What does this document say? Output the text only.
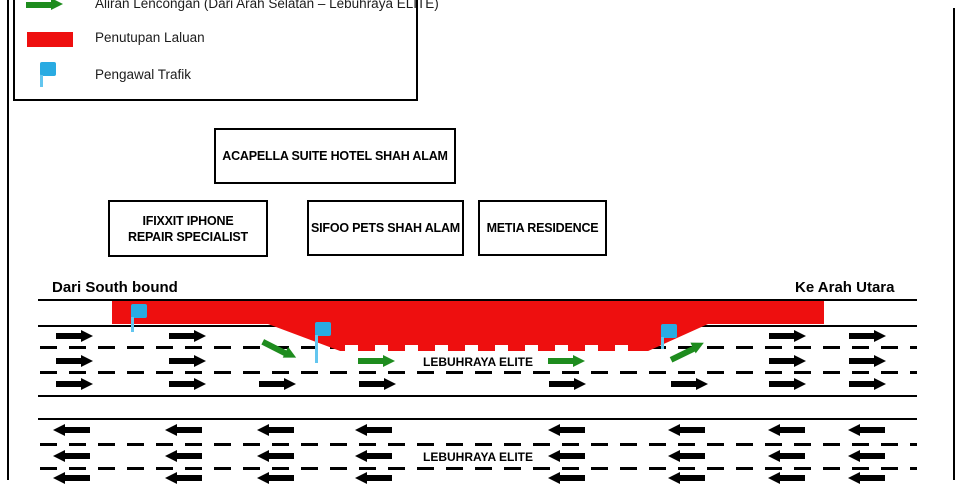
Aliran Lencongan (Dari Arah Selatan – Lebuhraya ELITE)
Penutupan Laluan
Pengawal Trafik
ACAPELLA SUITE HOTEL SHAH ALAM
IFIXXIT IPHONE REPAIR SPECIALIST
SIFOO PETS SHAH ALAM METIA RESIDENCE
Dari South bound	Ke Arah Utara
LEBUHRAYA ELITE
LEBUHRAYA ELITE
